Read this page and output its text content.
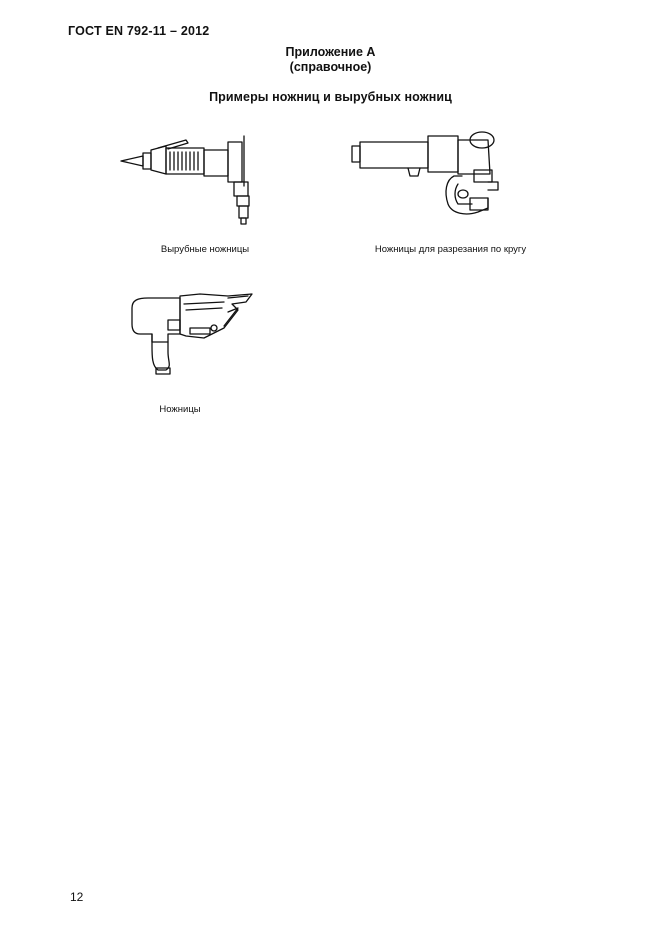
ГОСТ EN 792-11 – 2012
Приложение А
(справочное)
Примеры ножниц и вырубных ножниц
Вырубные ножницы	Ножницы для разрезания по кругу
Ножницы
12
